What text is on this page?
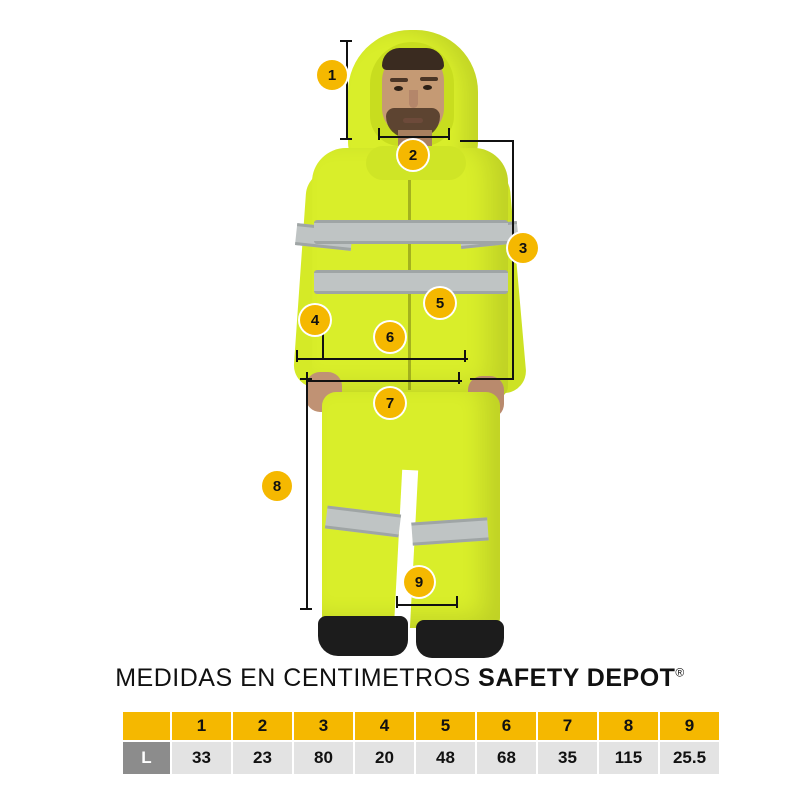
1
2
3
4
5
6
7
8
9
MEDIDAS EN CENTIMETROS SAFETY DEPOT®
	1	2	3	4	5	6	7	8	9
L	33	23	80	20	48	68	35	115	25.5
